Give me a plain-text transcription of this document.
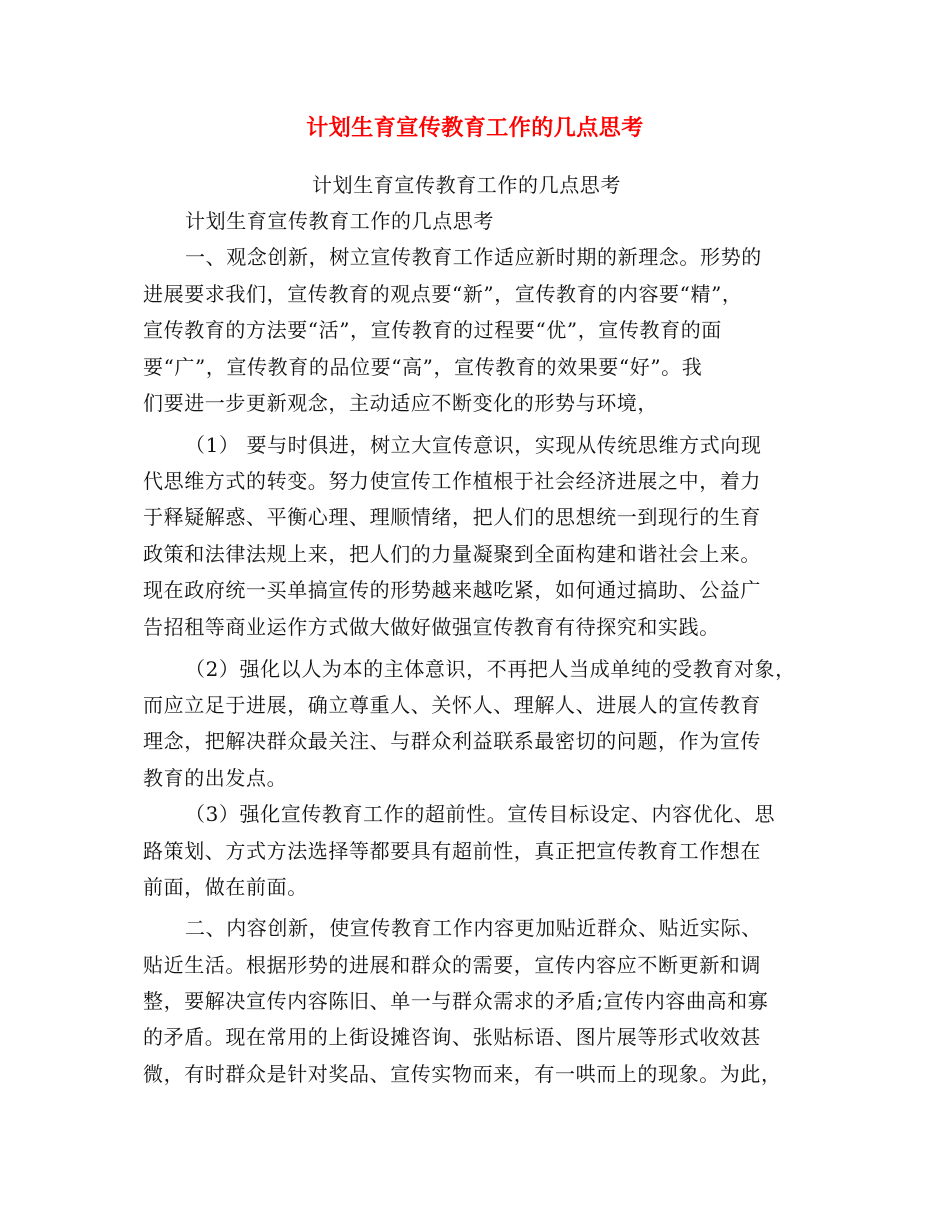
计划生育宣传教育工作的几点思考
计划生育宣传教育工作的几点思考
计划生育宣传教育工作的几点思考
一、观念创新，树立宣传教育工作适应新时期的新理念。形势的
进展要求我们，宣传教育的观点要“新”，宣传教育的内容要“精”，
宣传教育的方法要“活”，宣传教育的过程要“优”，宣传教育的面
要“广”，宣传教育的品位要“高”，宣传教育的效果要“好”。我
们要进一步更新观念，主动适应不断变化的形势与环境，
（1） 要与时俱进，树立大宣传意识，实现从传统思维方式向现
代思维方式的转变。努力使宣传工作植根于社会经济进展之中，着力
于释疑解惑、平衡心理、理顺情绪，把人们的思想统一到现行的生育
政策和法律法规上来，把人们的力量凝聚到全面构建和谐社会上来。
现在政府统一买单搞宣传的形势越来越吃紧，如何通过搞助、公益广
告招租等商业运作方式做大做好做强宣传教育有待探究和实践。
（2）强化以人为本的主体意识，不再把人当成单纯的受教育对象，
而应立足于进展，确立尊重人、关怀人、理解人、进展人的宣传教育
理念，把解决群众最关注、与群众利益联系最密切的问题，作为宣传
教育的出发点。
（3）强化宣传教育工作的超前性。宣传目标设定、内容优化、思
路策划、方式方法选择等都要具有超前性，真正把宣传教育工作想在
前面，做在前面。
二、内容创新，使宣传教育工作内容更加贴近群众、贴近实际、
贴近生活。根据形势的进展和群众的需要，宣传内容应不断更新和调
整，要解决宣传内容陈旧、单一与群众需求的矛盾;宣传内容曲高和寡
的矛盾。现在常用的上街设摊咨询、张贴标语、图片展等形式收效甚
微，有时群众是针对奖品、宣传实物而来，有一哄而上的现象。为此，
